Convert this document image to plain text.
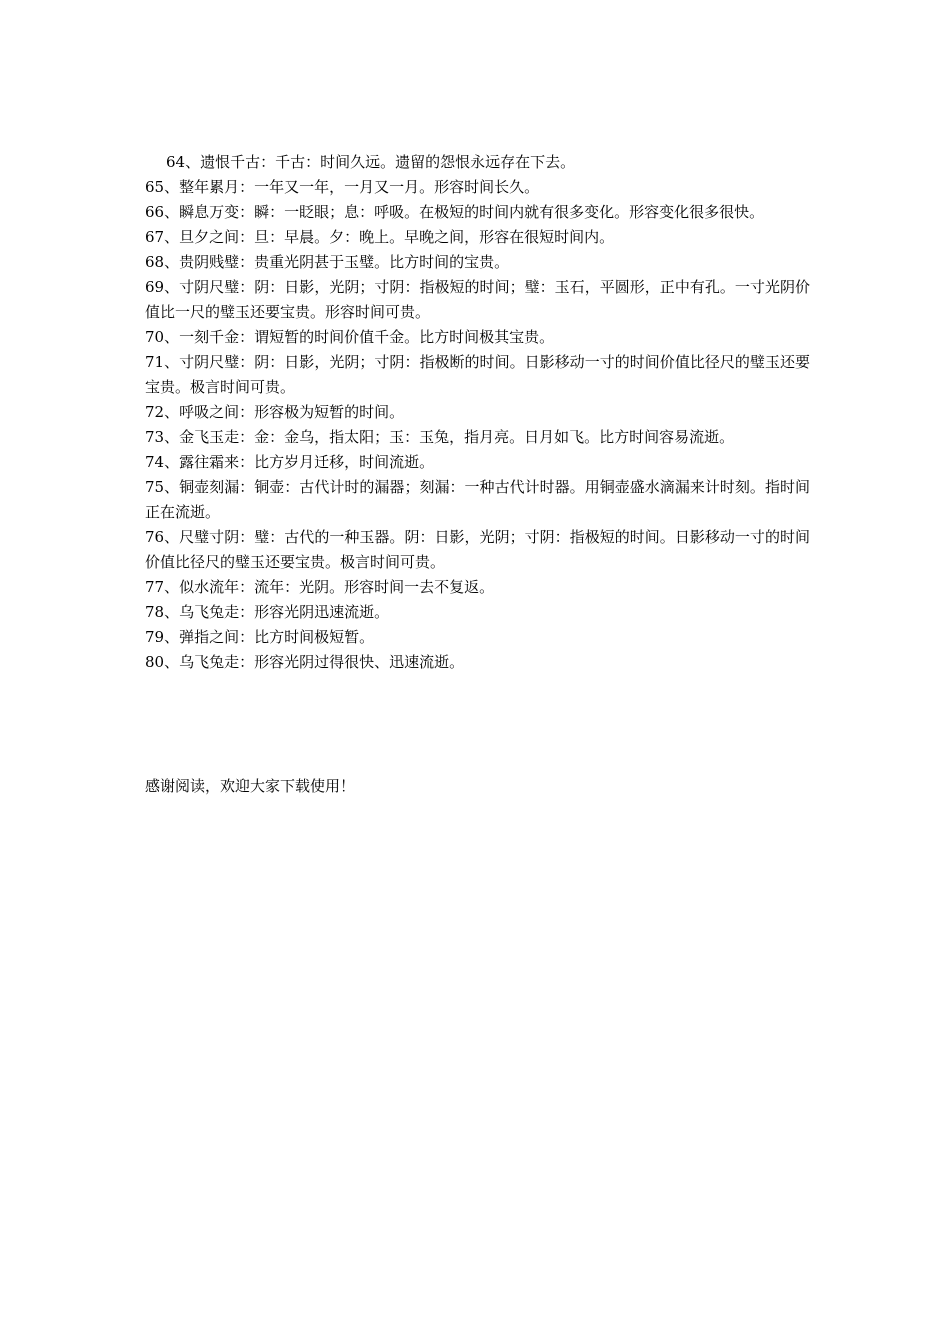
64、遗恨千古：千古：时间久远。遗留的怨恨永远存在下去。

65、整年累月：一年又一年，一月又一月。形容时间长久。

66、瞬息万变：瞬：一眨眼；息：呼吸。在极短的时间内就有很多变化。形容变化很多很快。

67、旦夕之间：旦：早晨。夕：晚上。早晚之间，形容在很短时间内。

68、贵阴贱璧：贵重光阴甚于玉璧。比方时间的宝贵。

69、寸阴尺璧：阴：日影，光阴；寸阴：指极短的时间；璧：玉石，平圆形，正中有孔。一寸光阴价值比一尺的璧玉还要宝贵。形容时间可贵。

70、一刻千金：谓短暂的时间价值千金。比方时间极其宝贵。

71、寸阴尺璧：阴：日影，光阴；寸阴：指极断的时间。日影移动一寸的时间价值比径尺的璧玉还要宝贵。极言时间可贵。

72、呼吸之间：形容极为短暂的时间。

73、金飞玉走：金：金乌，指太阳；玉：玉兔，指月亮。日月如飞。比方时间容易流逝。

74、露往霜来：比方岁月迁移，时间流逝。

75、铜壶刻漏：铜壶：古代计时的漏器；刻漏：一种古代计时器。用铜壶盛水滴漏来计时刻。指时间正在流逝。

76、尺璧寸阴：璧：古代的一种玉器。阴：日影，光阴；寸阴：指极短的时间。日影移动一寸的时间价值比径尺的璧玉还要宝贵。极言时间可贵。

77、似水流年：流年：光阴。形容时间一去不复返。

78、乌飞兔走：形容光阴迅速流逝。

79、弹指之间：比方时间极短暂。

80、乌飞兔走：形容光阴过得很快、迅速流逝。

感谢阅读，欢迎大家下载使用！
